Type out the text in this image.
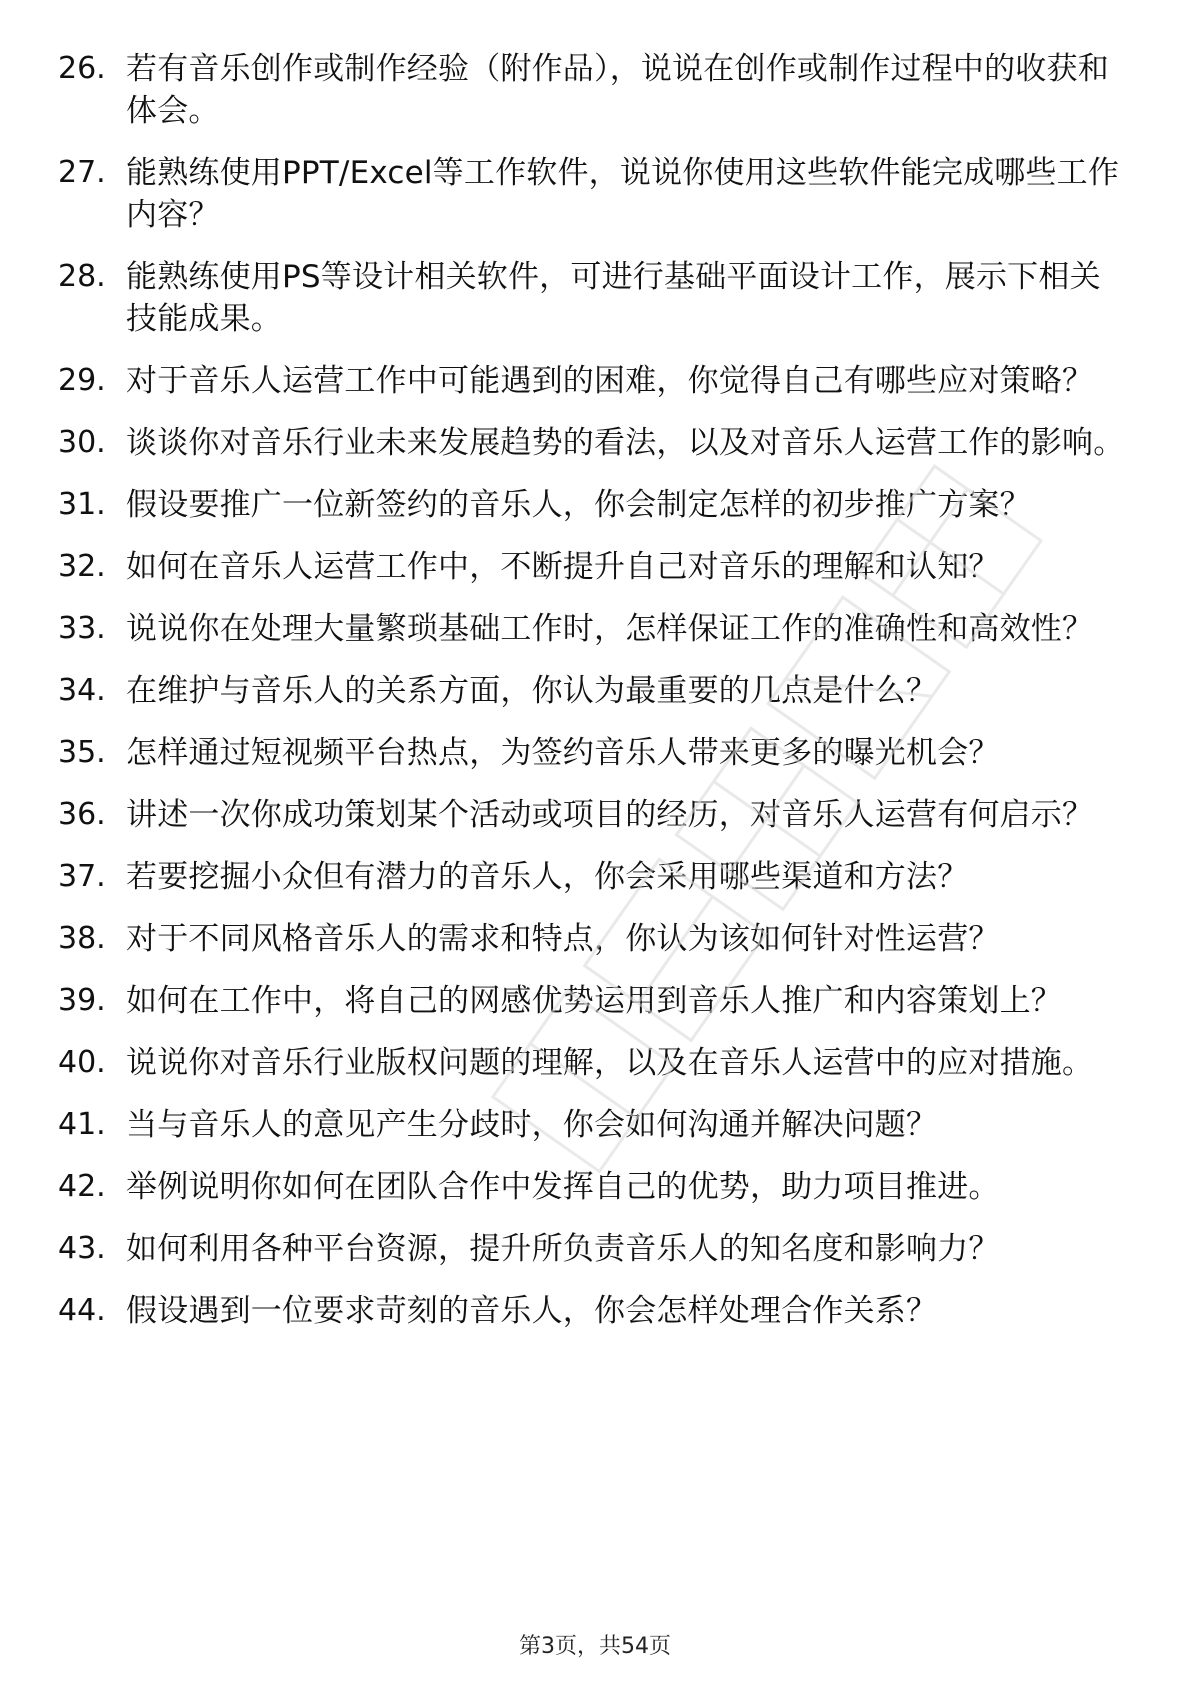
26. 若有音乐创作或制作经验（附作品），说说在创作或制作过程中的收获和体会。
27. 能熟练使用PPT/Excel等工作软件，说说你使用这些软件能完成哪些工作内容？
28. 能熟练使用PS等设计相关软件，可进行基础平面设计工作，展示下相关技能成果。
29. 对于音乐人运营工作中可能遇到的困难，你觉得自己有哪些应对策略？
30. 谈谈你对音乐行业未来发展趋势的看法，以及对音乐人运营工作的影响。
31. 假设要推广一位新签约的音乐人，你会制定怎样的初步推广方案？
32. 如何在音乐人运营工作中，不断提升自己对音乐的理解和认知？
33. 说说你在处理大量繁琐基础工作时，怎样保证工作的准确性和高效性？
34. 在维护与音乐人的关系方面，你认为最重要的几点是什么？
35. 怎样通过短视频平台热点，为签约音乐人带来更多的曝光机会？
36. 讲述一次你成功策划某个活动或项目的经历，对音乐人运营有何启示？
37. 若要挖掘小众但有潜力的音乐人，你会采用哪些渠道和方法？
38. 对于不同风格音乐人的需求和特点，你认为该如何针对性运营？
39. 如何在工作中，将自己的网感优势运用到音乐人推广和内容策划上？
40. 说说你对音乐行业版权问题的理解，以及在音乐人运营中的应对措施。
41. 当与音乐人的意见产生分歧时，你会如何沟通并解决问题？
42. 举例说明你如何在团队合作中发挥自己的优势，助力项目推进。
43. 如何利用各种平台资源，提升所负责音乐人的知名度和影响力？
44. 假设遇到一位要求苛刻的音乐人，你会怎样处理合作关系？
第3页，共54页
